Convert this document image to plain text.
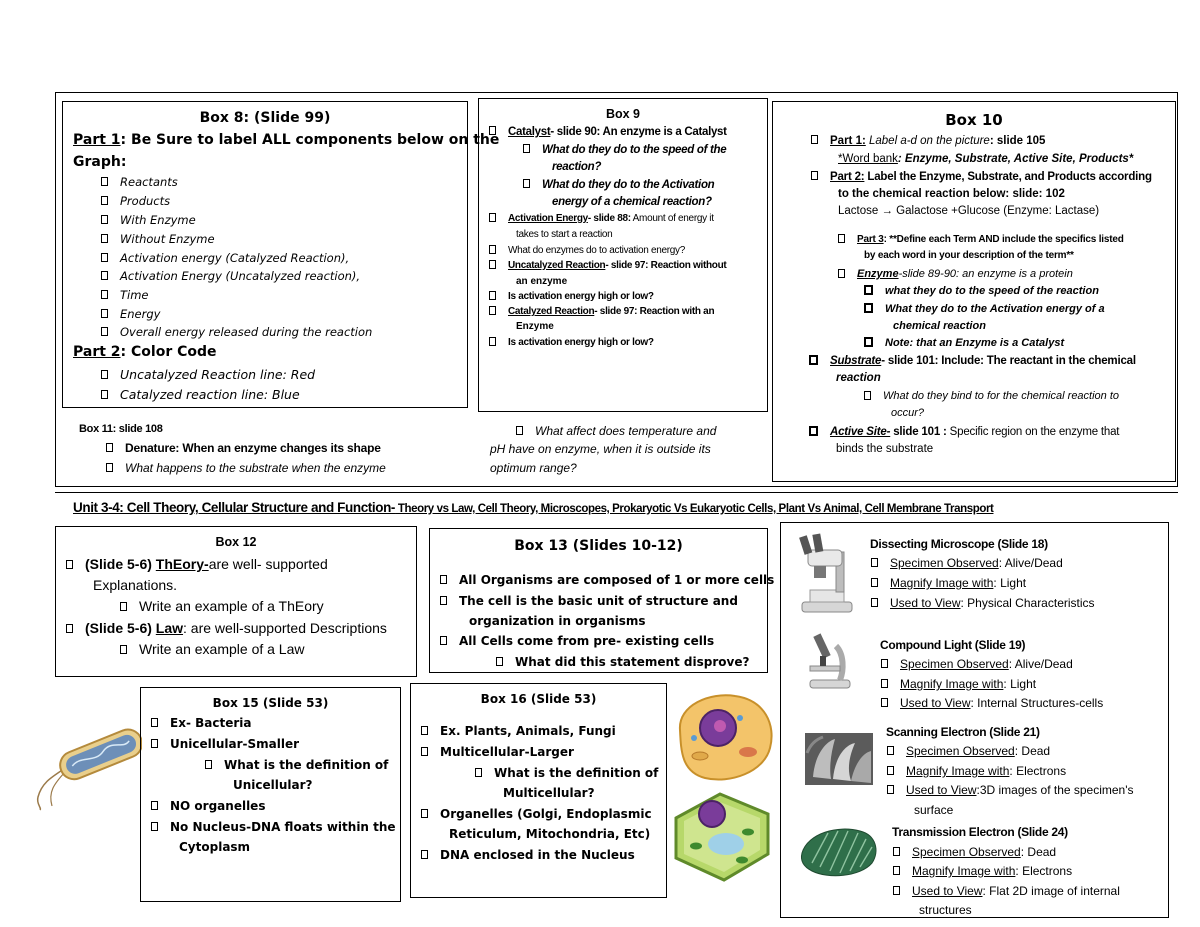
Box 8: (Slide 99)
Part 1: Be Sure to label ALL components below on the
Graph:
Reactants
Products
With Enzyme
Without Enzyme
Activation energy (Catalyzed Reaction),
Activation Energy (Uncatalyzed reaction),
Time
Energy
Overall energy released during the reaction
Part 2: Color Code
Uncatalyzed Reaction line: Red
Catalyzed reaction line: Blue
Box 9
Catalyst- slide 90: An enzyme is a Catalyst
What do they do to the speed of the
reaction?
What do they do to the Activation
energy of a chemical reaction?
Activation Energy- slide 88: Amount of energy it
takes to start a reaction
What do enzymes do to activation energy?
Uncatalyzed Reaction- slide 97: Reaction without
an enzyme
Is activation energy high or low?
Catalyzed Reaction- slide 97: Reaction with an
Enzyme
Is activation energy high or low?
What affect does temperature and
pH have on enzyme, when it is outside its
optimum range?
Box 10
Part 1: Label a-d on the picture: slide 105
*Word bank: Enzyme, Substrate, Active Site, Products*
Part 2: Label the Enzyme, Substrate, and Products according
to the chemical reaction below: slide: 102
Lactose → Galactose +Glucose (Enzyme: Lactase)
Part 3: **Define each Term AND include the specifics listed
by each word in your description of the term**
Enzyme-slide 89-90: an enzyme is a protein
what they do to the speed of the reaction
What they do to the Activation energy of a
chemical reaction
Note: that an Enzyme is a Catalyst
Substrate- slide 101: Include: The reactant in the chemical
reaction
What do they bind to for the chemical reaction to
occur?
Active Site- slide 101 : Specific region on the enzyme that
binds the substrate
Box 11: slide 108
Denature: When an enzyme changes its shape
What happens to the substrate when the enzyme
Unit 3-4: Cell Theory, Cellular Structure and Function- Theory vs Law, Cell Theory, Microscopes, Prokaryotic Vs Eukaryotic Cells, Plant Vs Animal, Cell Membrane Transport
Box 12
(Slide 5-6) ThEory-are well- supported
Explanations.
Write an example of a ThEory
(Slide 5-6) Law: are well-supported Descriptions
Write an example of a Law
Box 13 (Slides 10-12)
All Organisms are composed of 1 or more cells
The cell is the basic unit of structure and
organization in organisms
All Cells come from pre- existing cells
What did this statement disprove?
Box 15 (Slide 53)
Ex- Bacteria
Unicellular-Smaller
What is the definition of
Unicellular?
NO organelles
No Nucleus-DNA floats within the
Cytoplasm
Box 16 (Slide 53)
Ex. Plants, Animals, Fungi
Multicellular-Larger
What is the definition of
Multicellular?
Organelles (Golgi, Endoplasmic
Reticulum, Mitochondria, Etc)
DNA enclosed in the Nucleus
Dissecting Microscope (Slide 18)
Specimen Observed: Alive/Dead
Magnify Image with: Light
Used to View: Physical Characteristics
Compound Light (Slide 19)
Specimen Observed: Alive/Dead
Magnify Image with: Light
Used to View: Internal Structures-cells
Scanning Electron (Slide 21)
Specimen Observed: Dead
Magnify Image with: Electrons
Used to View:3D images of the specimen's
surface
Transmission Electron (Slide 24)
Specimen Observed: Dead
Magnify Image with: Electrons
Used to View: Flat 2D image of internal
structures
